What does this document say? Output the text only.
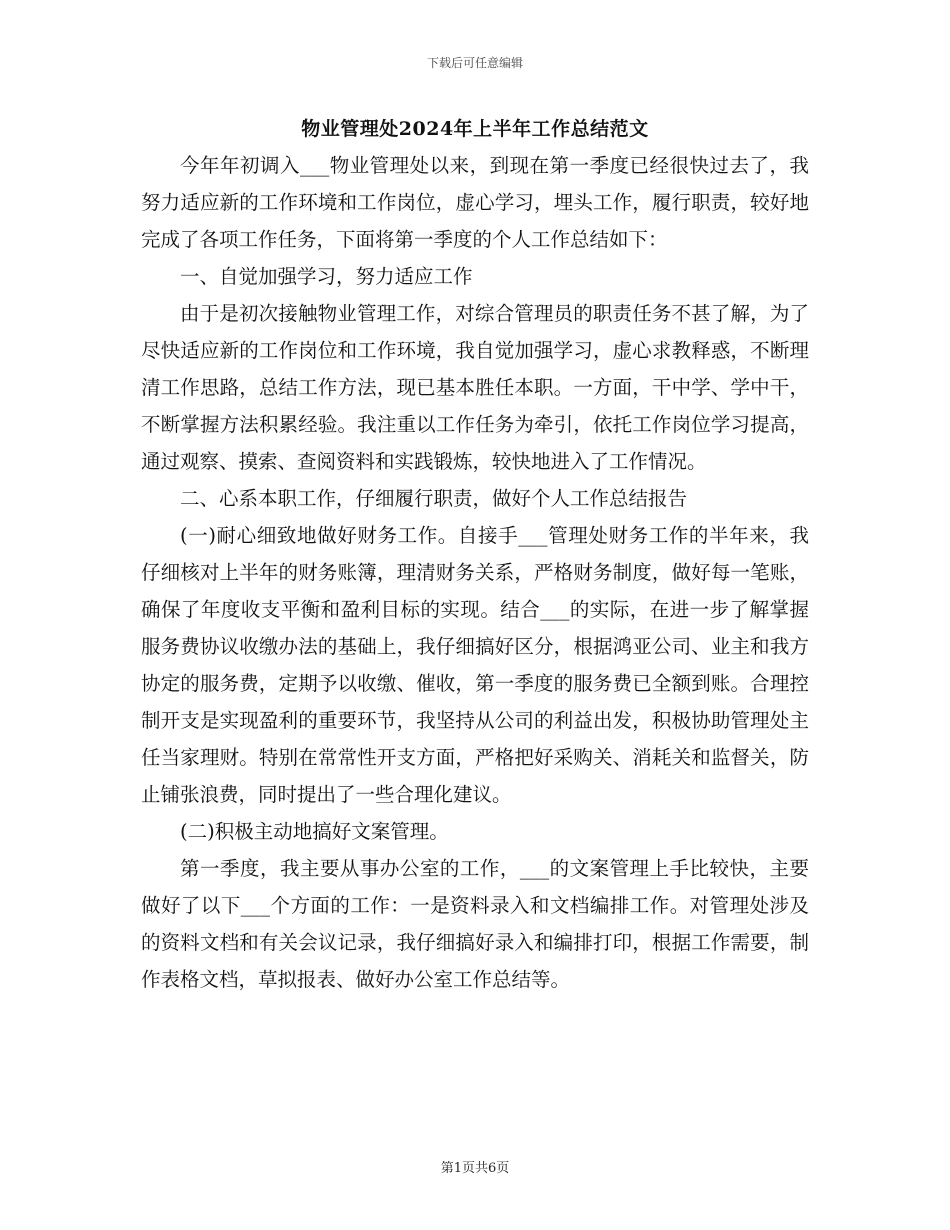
下载后可任意编辑
物业管理处2024年上半年工作总结范文

今年年初调入___物业管理处以来，到现在第一季度已经很快过去了，我努力适应新的工作环境和工作岗位，虚心学习，埋头工作，履行职责，较好地完成了各项工作任务，下面将第一季度的个人工作总结如下：

一、自觉加强学习，努力适应工作

由于是初次接触物业管理工作，对综合管理员的职责任务不甚了解，为了尽快适应新的工作岗位和工作环境，我自觉加强学习，虚心求教释惑，不断理清工作思路，总结工作方法，现已基本胜任本职。一方面，干中学、学中干，不断掌握方法积累经验。我注重以工作任务为牵引，依托工作岗位学习提高，通过观察、摸索、查阅资料和实践锻炼，较快地进入了工作情况。

二、心系本职工作，仔细履行职责，做好个人工作总结报告

(一)耐心细致地做好财务工作。自接手___管理处财务工作的半年来，我仔细核对上半年的财务账簿，理清财务关系，严格财务制度，做好每一笔账，确保了年度收支平衡和盈利目标的实现。结合___的实际，在进一步了解掌握服务费协议收缴办法的基础上，我仔细搞好区分，根据鸿亚公司、业主和我方协定的服务费，定期予以收缴、催收，第一季度的服务费已全额到账。合理控制开支是实现盈利的重要环节，我坚持从公司的利益出发，积极协助管理处主任当家理财。特别在常常性开支方面，严格把好采购关、消耗关和监督关，防止铺张浪费，同时提出了一些合理化建议。

(二)积极主动地搞好文案管理。

第一季度，我主要从事办公室的工作，___的文案管理上手比较快，主要做好了以下___个方面的工作：一是资料录入和文档编排工作。对管理处涉及的资料文档和有关会议记录，我仔细搞好录入和编排打印，根据工作需要，制作表格文档，草拟报表、做好办公室工作总结等。

第1页共6页
